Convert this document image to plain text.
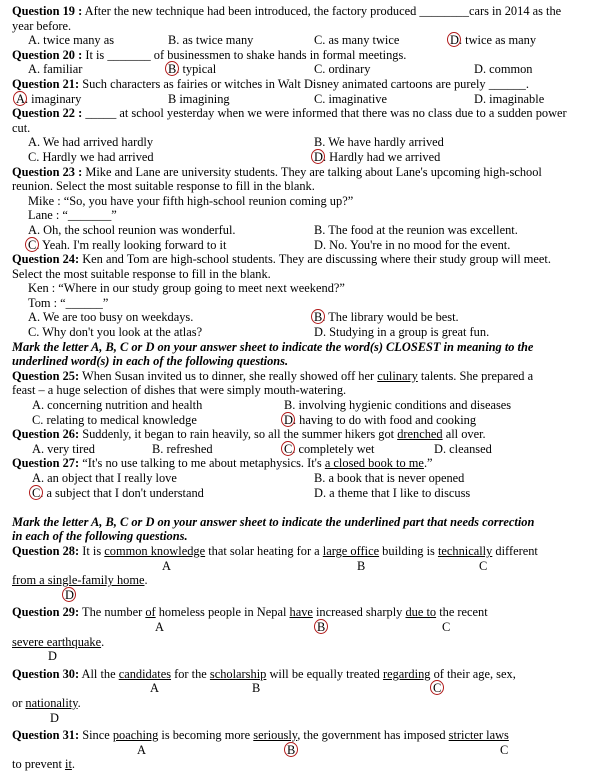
Question 19 : After the new technique had been introduced, the factory produced ________cars in 2014 as the
year before.
A. twice many as	B. as twice many	C. as many twice	D. twice as many
Question 20 : It is _______ of businessmen to shake hands in formal meetings.
A. familiar	B. typical	C. ordinary	D. common
Question 21: Such characters as fairies or witches in Walt Disney animated cartoons are purely ______.
A. imaginary	B imagining	C. imaginative	D. imaginable
Question 22 : _____ at school yesterday when we were informed that there was no class due to a sudden power
cut.
A. We had arrived hardly	B. We have hardly arrived
C. Hardly we had arrived	D. Hardly had we arrived
Question 23 : Mike and Lane are university students. They are talking about Lane's upcoming high-school
reunion. Select the most suitable response to fill in the blank.
Mike : “So, you have your fifth high-school reunion coming up?”
Lane : “_______”
A. Oh, the school reunion was wonderful.	B. The food at the reunion was excellent.
C. Yeah. I'm really looking forward to it	D. No. You're in no mood for the event.
Question 24: Ken and Tom are high-school students. They are discussing where their study group will meet.
Select the most suitable response to fill in the blank.
Ken : “Where in our study group going to meet next weekend?”
Tom : “______”
A. We are too busy on weekdays.	B. The library would be best.
C. Why don't you look at the atlas?	D. Studying in a group is great fun.
Mark the letter A, B, C or D on your answer sheet to indicate the word(s) CLOSEST in meaning to the
underlined word(s) in each of the following questions.
Question 25: When Susan invited us to dinner, she really showed off her culinary talents. She prepared a
feast – a huge selection of dishes that were simply mouth-watering.
A. concerning nutrition and health	B. involving hygienic conditions and diseases
C. relating to medical knowledge	D. having to do with food and cooking
Question 26: Suddenly, it began to rain heavily, so all the summer hikers got drenched all over.
A. very tired	B. refreshed	C. completely wet	D. cleansed
Question 27: “It's no use talking to me about metaphysics. It's a closed book to me.”
A. an object that I really love	B. a book that is never opened
C. a subject that I don't understand	D. a theme that I like to discuss
Mark the letter A, B, C or D on your answer sheet to indicate the underlined part that needs correction
in each of the following questions.
Question 28: It is common knowledge that solar heating for a large office building is technically different
A	B	C
from a single-family home.
D
Question 29: The number of homeless people in Nepal have increased sharply due to the recent
A	B	C
severe earthquake.
D
Question 30: All the candidates for the scholarship will be equally treated regarding of their age, sex,
A	B	C
or nationality.
D
Question 31: Since poaching is becoming more seriously, the government has imposed stricter laws
A	B	C
to prevent it.
